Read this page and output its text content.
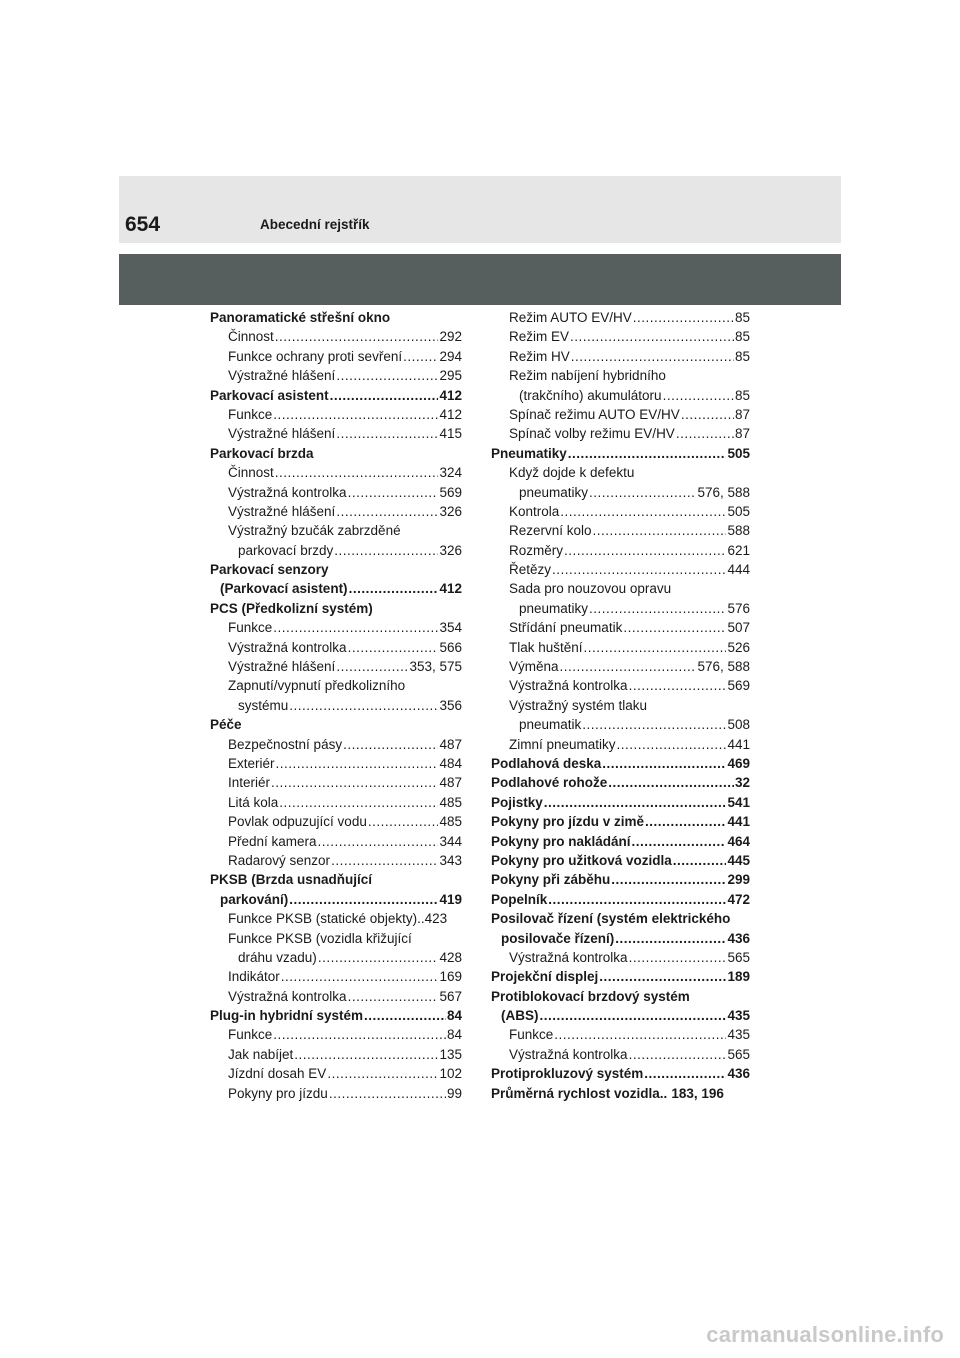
654	Abecední rejstřík
Panoramatické střešní okno
Činnost .....	292
Funkce ochrany proti sevření .....	294
Výstražné hlášení .....	295
Parkovací asistent .....	412
Funkce .....	412
Výstražné hlášení .....	415
Parkovací brzda
Činnost .....	324
Výstražná kontrolka .....	569
Výstražné hlášení .....	326
Výstražný bzučák zabrzděné
parkovací brzdy .....	326
Parkovací senzory
(Parkovací asistent) .....	412
PCS (Předkolizní systém)
Funkce .....	354
Výstražná kontrolka .....	566
Výstražné hlášení .....	353, 575
Zapnutí/vypnutí předkolizního
systému .....	356
Péče
Bezpečnostní pásy .....	487
Exteriér .....	484
Interiér .....	487
Litá kola .....	485
Povlak odpuzující vodu .....	485
Přední kamera .....	344
Radarový senzor .....	343
PKSB (Brzda usnadňující
parkování) .....	419
Funkce PKSB (statické objekty) .. 423
Funkce PKSB (vozidla křižující
dráhu vzadu) .....	428
Indikátor .....	169
Výstražná kontrolka .....	567
Plug-in hybridní systém .....	84
Funkce .....	84
Jak nabíjet .....	135
Jízdní dosah EV .....	102
Pokyny pro jízdu .....	99
Režim AUTO EV/HV .....	85
Režim EV .....	85
Režim HV .....	85
Režim nabíjení hybridního
(trakčního) akumulátoru .....	85
Spínač režimu AUTO EV/HV .....	87
Spínač volby režimu EV/HV .....	87
Pneumatiky .....	505
Když dojde k defektu
pneumatiky .....	576, 588
Kontrola .....	505
Rezervní kolo .....	588
Rozměry .....	621
Řetězy .....	444
Sada pro nouzovou opravu
pneumatiky .....	576
Střídání pneumatik .....	507
Tlak huštění .....	526
Výměna .....	576, 588
Výstražná kontrolka .....	569
Výstražný systém tlaku
pneumatik .....	508
Zimní pneumatiky .....	441
Podlahová deska .....	469
Podlahové rohože .....	32
Pojistky .....	541
Pokyny pro jízdu v zimě .....	441
Pokyny pro nakládání .....	464
Pokyny pro užitková vozidla .....	445
Pokyny při záběhu .....	299
Popelník .....	472
Posilovač řízení (systém elektrického
posilovače řízení) .....	436
Výstražná kontrolka .....	565
Projekční displej .....	189
Protiblokovací brzdový systém
(ABS) .....	435
Funkce .....	435
Výstražná kontrolka .....	565
Protiprokluzový systém .....	436
Průměrná rychlost vozidla.. 183, 196
carmanualsonline.info
